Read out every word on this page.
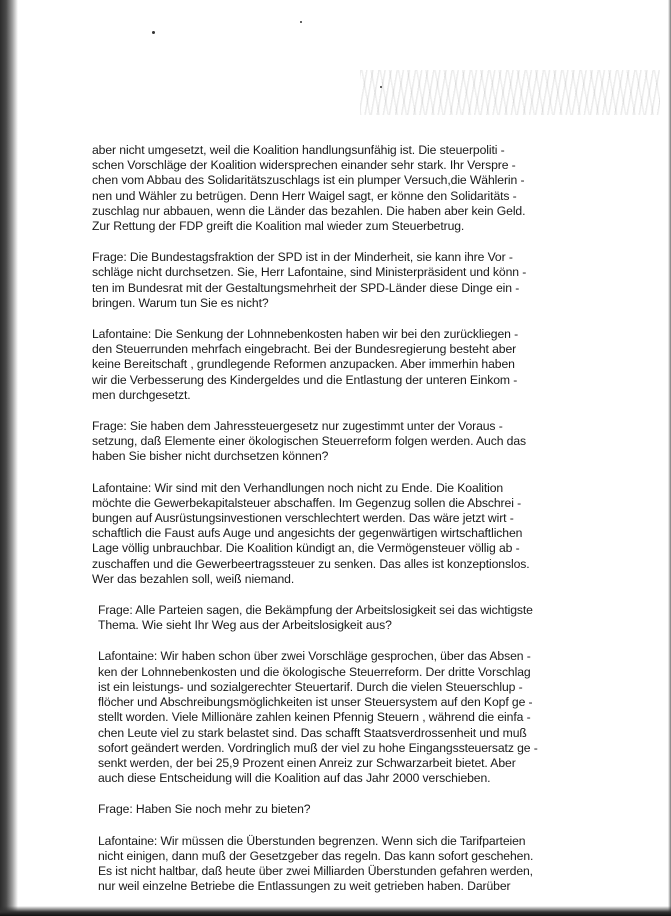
aber nicht umgesetzt, weil die Koalition handlungsunfähig ist. Die steuerpoliti -
schen Vorschläge der Koalition widersprechen einander sehr stark. Ihr Verspre -
chen vom Abbau des Solidaritätszuschlags ist ein plumper Versuch,die Wählerin -
nen und Wähler zu betrügen. Denn Herr Waigel sagt, er könne den Solidaritäts -
zuschlag nur abbauen, wenn die Länder das bezahlen. Die haben aber kein Geld.
Zur Rettung der FDP greift die Koalition mal wieder zum Steuerbetrug.

Frage: Die Bundestagsfraktion der SPD ist in der Minderheit, sie kann ihre Vor -
schläge nicht durchsetzen. Sie, Herr Lafontaine, sind Ministerpräsident und könn -
ten im Bundesrat mit der Gestaltungsmehrheit der SPD-Länder diese Dinge ein -
bringen. Warum tun Sie es nicht?

Lafontaine: Die Senkung der Lohnnebenkosten haben wir bei den zurückliegen -
den Steuerrunden mehrfach eingebracht. Bei der Bundesregierung besteht aber
keine Bereitschaft , grundlegende Reformen anzupacken. Aber immerhin haben
wir die Verbesserung des Kindergeldes und die Entlastung der unteren Einkom -
men durchgesetzt.

Frage: Sie haben dem Jahressteuergesetz nur zugestimmt unter der Voraus -
setzung, daß Elemente einer ökologischen Steuerreform folgen werden. Auch das
haben Sie bisher nicht durchsetzen können?

Lafontaine: Wir sind mit den Verhandlungen noch nicht zu Ende. Die Koalition
möchte die Gewerbekapitalsteuer abschaffen. Im Gegenzug sollen die Abschrei -
bungen auf Ausrüstungsinvestionen verschlechtert werden. Das wäre jetzt wirt -
schaftlich die Faust aufs Auge und angesichts der gegenwärtigen wirtschaftlichen
Lage völlig unbrauchbar. Die Koalition kündigt an, die Vermögensteuer völlig ab -
zuschaffen und die Gewerbeertragssteuer zu senken. Das alles ist konzeptionslos.
Wer das bezahlen soll, weiß niemand.

Frage: Alle Parteien sagen, die Bekämpfung der Arbeitslosigkeit sei das wichtigste
Thema. Wie sieht Ihr Weg aus der Arbeitslosigkeit aus?

Lafontaine: Wir haben schon über zwei Vorschläge gesprochen, über das Absen -
ken der Lohnnebenkosten und die ökologische Steuerreform. Der dritte Vorschlag
ist ein leistungs- und sozialgerechter Steuertarif. Durch die vielen Steuerschlup -
flöcher und Abschreibungsmöglichkeiten ist unser Steuersystem auf den Kopf ge -
stellt worden. Viele Millionäre zahlen keinen Pfennig Steuern , während die einfa -
chen Leute viel zu stark belastet sind. Das schafft Staatsverdrossenheit und muß
sofort geändert werden. Vordringlich muß der viel zu hohe Eingangssteuersatz ge -
senkt werden, der bei 25,9 Prozent einen Anreiz zur Schwarzarbeit bietet. Aber
auch diese Entscheidung will die Koalition auf das Jahr 2000 verschieben.

Frage: Haben Sie noch mehr zu bieten?

Lafontaine: Wir müssen die Überstunden begrenzen. Wenn sich die Tarifparteien
nicht einigen, dann muß der Gesetzgeber das regeln. Das kann sofort geschehen.
Es ist nicht haltbar, daß heute über zwei Milliarden Überstunden gefahren werden,
nur weil einzelne Betriebe die Entlassungen zu weit getrieben haben. Darüber
